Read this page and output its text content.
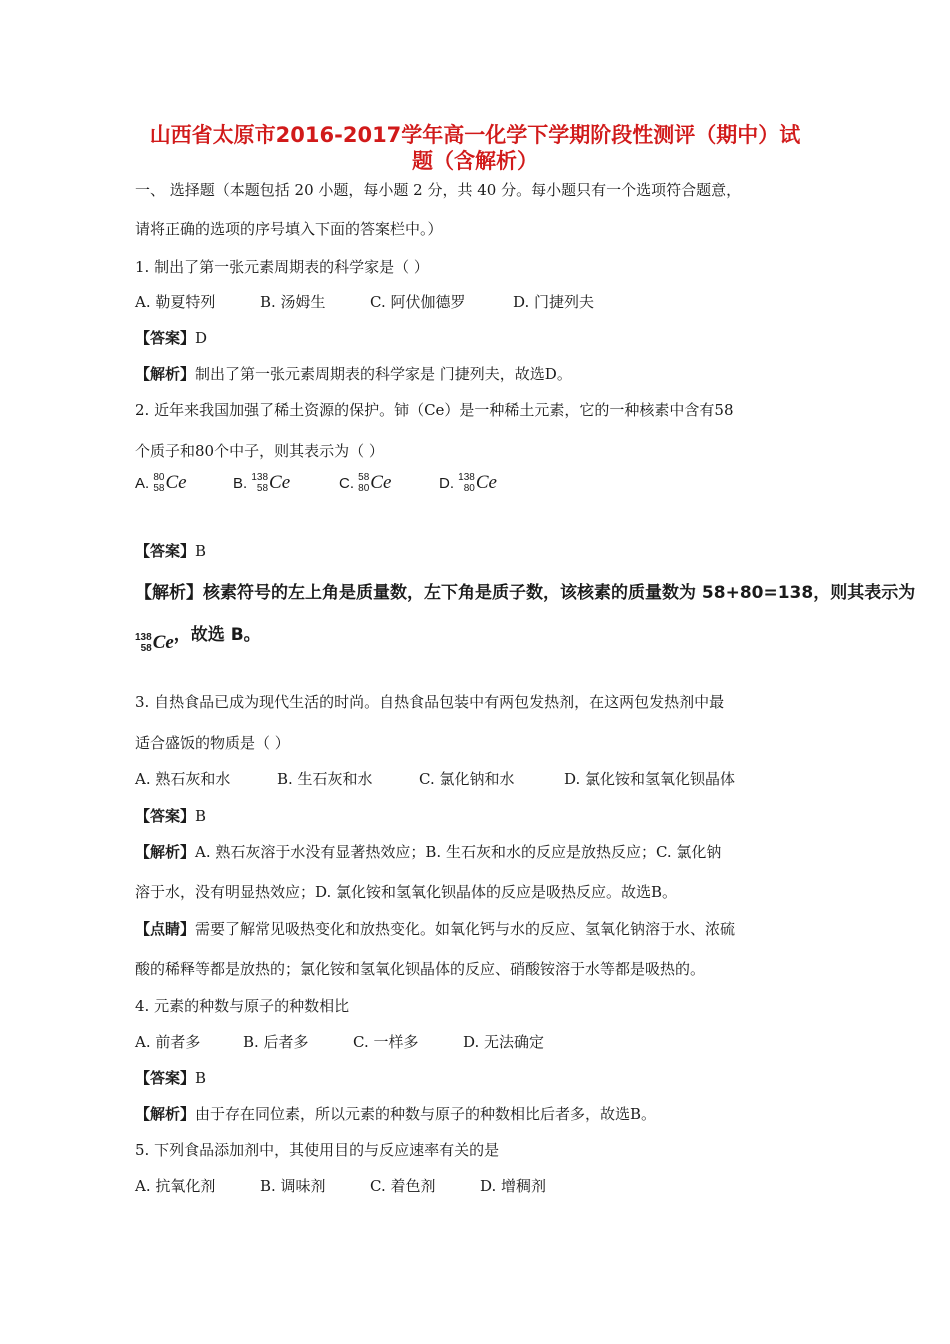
山西省太原市2016-2017学年高一化学下学期阶段性测评（期中）试
题（含解析）
一、 选择题（本题包括 20 小题，每小题 2 分，共 40 分。每小题只有一个选项符合题意，
请将正确的选项的序号填入下面的答案栏中。）
1. 制出了第一张元素周期表的科学家是（ ）
A. 勒夏特列	B. 汤姆生	C. 阿伏伽德罗	D. 门捷列夫
【答案】D
【解析】制出了第一张元素周期表的科学家是 门捷列夫，故选D。
2. 近年来我国加强了稀土资源的保护。铈（Ce）是一种稀土元素，它的一种核素中含有58
个质子和80个中子，则其表示为（ ）
A.
80
58 Ce	B.
138
58 Ce	C.
58
80 Ce	D.
138
80 Ce
【答案】B
【解析】核素符号的左上角是质量数，左下角是质子数，该核素的质量数为 58+80=138，则其表示为
138
58 Ce ，故选 B。
3. 自热食品已成为现代生活的时尚。自热食品包装中有两包发热剂，在这两包发热剂中最
适合盛饭的物质是（ ）
A. 熟石灰和水	B. 生石灰和水	C. 氯化钠和水	D. 氯化铵和氢氧化钡晶体
【答案】B
【解析】A. 熟石灰溶于水没有显著热效应；B. 生石灰和水的反应是放热反应；C. 氯化钠
溶于水，没有明显热效应；D. 氯化铵和氢氧化钡晶体的反应是吸热反应。故选B。
【点睛】需要了解常见吸热变化和放热变化。如氧化钙与水的反应、氢氧化钠溶于水、浓硫
酸的稀释等都是放热的；氯化铵和氢氧化钡晶体的反应、硝酸铵溶于水等都是吸热的。
4. 元素的种数与原子的种数相比
A. 前者多	B. 后者多	C. 一样多	D. 无法确定
【答案】B
【解析】由于存在同位素，所以元素的种数与原子的种数相比后者多，故选B。
5. 下列食品添加剂中，其使用目的与反应速率有关的是
A. 抗氧化剂	B. 调味剂	C. 着色剂	D. 增稠剂
